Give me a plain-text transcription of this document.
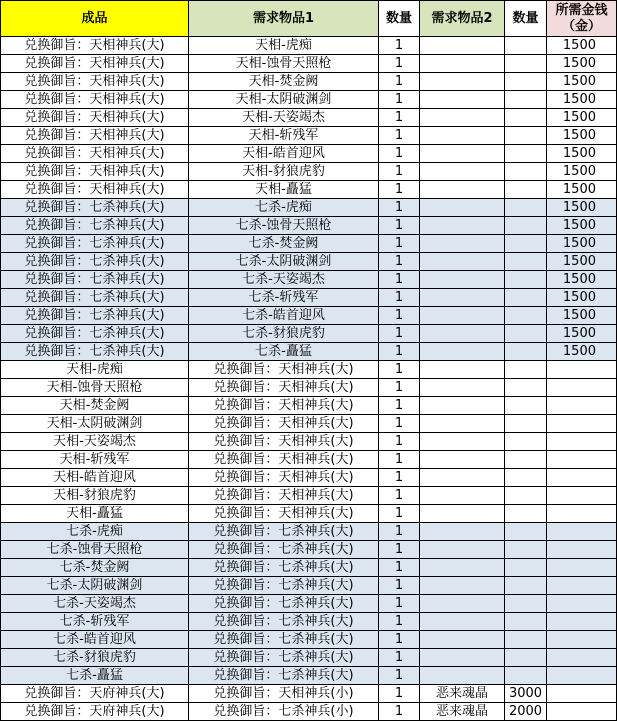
成品	需求物品1	数量	需求物品2	数量	所需金钱（金）
兑换御旨：天相神兵(大)	天相-虎痴	1			1500
兑换御旨：天相神兵(大)	天相-蚀骨天照枪	1			1500
兑换御旨：天相神兵(大)	天相-焚金阙	1			1500
兑换御旨：天相神兵(大)	天相-太阴破渊剑	1			1500
兑换御旨：天相神兵(大)	天相-天姿竭杰	1			1500
兑换御旨：天相神兵(大)	天相-斩残军	1			1500
兑换御旨：天相神兵(大)	天相-皓首迎风	1			1500
兑换御旨：天相神兵(大)	天相-豺狼虎豹	1			1500
兑换御旨：天相神兵(大)	天相-矗猛	1			1500
兑换御旨：七杀神兵(大)	七杀-虎痴	1			1500
兑换御旨：七杀神兵(大)	七杀-蚀骨天照枪	1			1500
兑换御旨：七杀神兵(大)	七杀-焚金阙	1			1500
兑换御旨：七杀神兵(大)	七杀-太阴破渊剑	1			1500
兑换御旨：七杀神兵(大)	七杀-天姿竭杰	1			1500
兑换御旨：七杀神兵(大)	七杀-斩残军	1			1500
兑换御旨：七杀神兵(大)	七杀-皓首迎风	1			1500
兑换御旨：七杀神兵(大)	七杀-豺狼虎豹	1			1500
兑换御旨：七杀神兵(大)	七杀-矗猛	1			1500
天相-虎痴	兑换御旨：天相神兵(大)	1			
天相-蚀骨天照枪	兑换御旨：天相神兵(大)	1			
天相-焚金阙	兑换御旨：天相神兵(大)	1			
天相-太阴破渊剑	兑换御旨：天相神兵(大)	1			
天相-天姿竭杰	兑换御旨：天相神兵(大)	1			
天相-斩残军	兑换御旨：天相神兵(大)	1			
天相-皓首迎风	兑换御旨：天相神兵(大)	1			
天相-豺狼虎豹	兑换御旨：天相神兵(大)	1			
天相-矗猛	兑换御旨：天相神兵(大)	1			
七杀-虎痴	兑换御旨：七杀神兵(大)	1			
七杀-蚀骨天照枪	兑换御旨：七杀神兵(大)	1			
七杀-焚金阙	兑换御旨：七杀神兵(大)	1			
七杀-太阴破渊剑	兑换御旨：七杀神兵(大)	1			
七杀-天姿竭杰	兑换御旨：七杀神兵(大)	1			
七杀-斩残军	兑换御旨：七杀神兵(大)	1			
七杀-皓首迎风	兑换御旨：七杀神兵(大)	1			
七杀-豺狼虎豹	兑换御旨：七杀神兵(大)	1			
七杀-矗猛	兑换御旨：七杀神兵(大)	1			
兑换御旨：天府神兵(大)	兑换御旨：天相神兵(小)	1	恶来魂晶	3000	
兑换御旨：天府神兵(大)	兑换御旨：七杀神兵(小)	1	恶来魂晶	2000	
